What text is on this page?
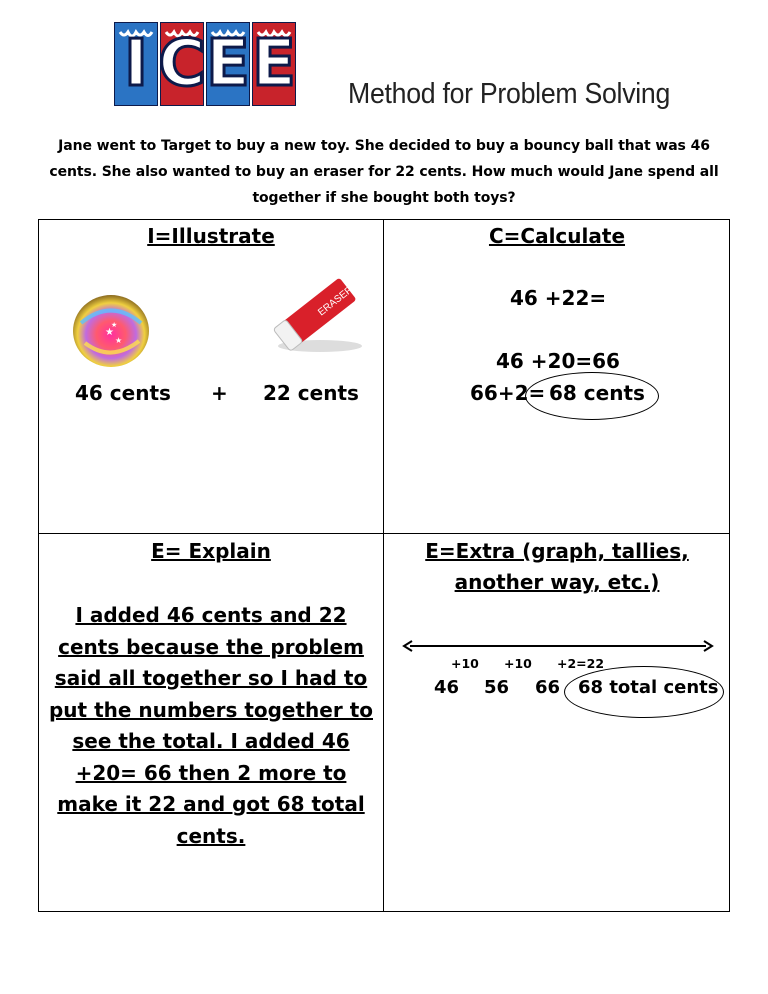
I C E E Method for Problem Solving
Jane went to Target to buy a new toy. She decided to buy a bouncy ball that was 46 cents. She also wanted to buy an eraser for 22 cents. How much would Jane spend all together if she bought both toys?
I=Illustrate
★
★
★
ERASER
46 cents + 22 cents
C=Calculate
46 +22=
46 +20=66
66+2= 68 cents
E= Explain
I added 46 cents and 22 cents because the problem said all together so I had to put the numbers together to see the total. I added 46 +20= 66 then 2 more to make it 22 and got 68 total cents.
E=Extra (graph, tallies,
another way, etc.)
+10 +10 +2=22
46 56 66 68 total cents
